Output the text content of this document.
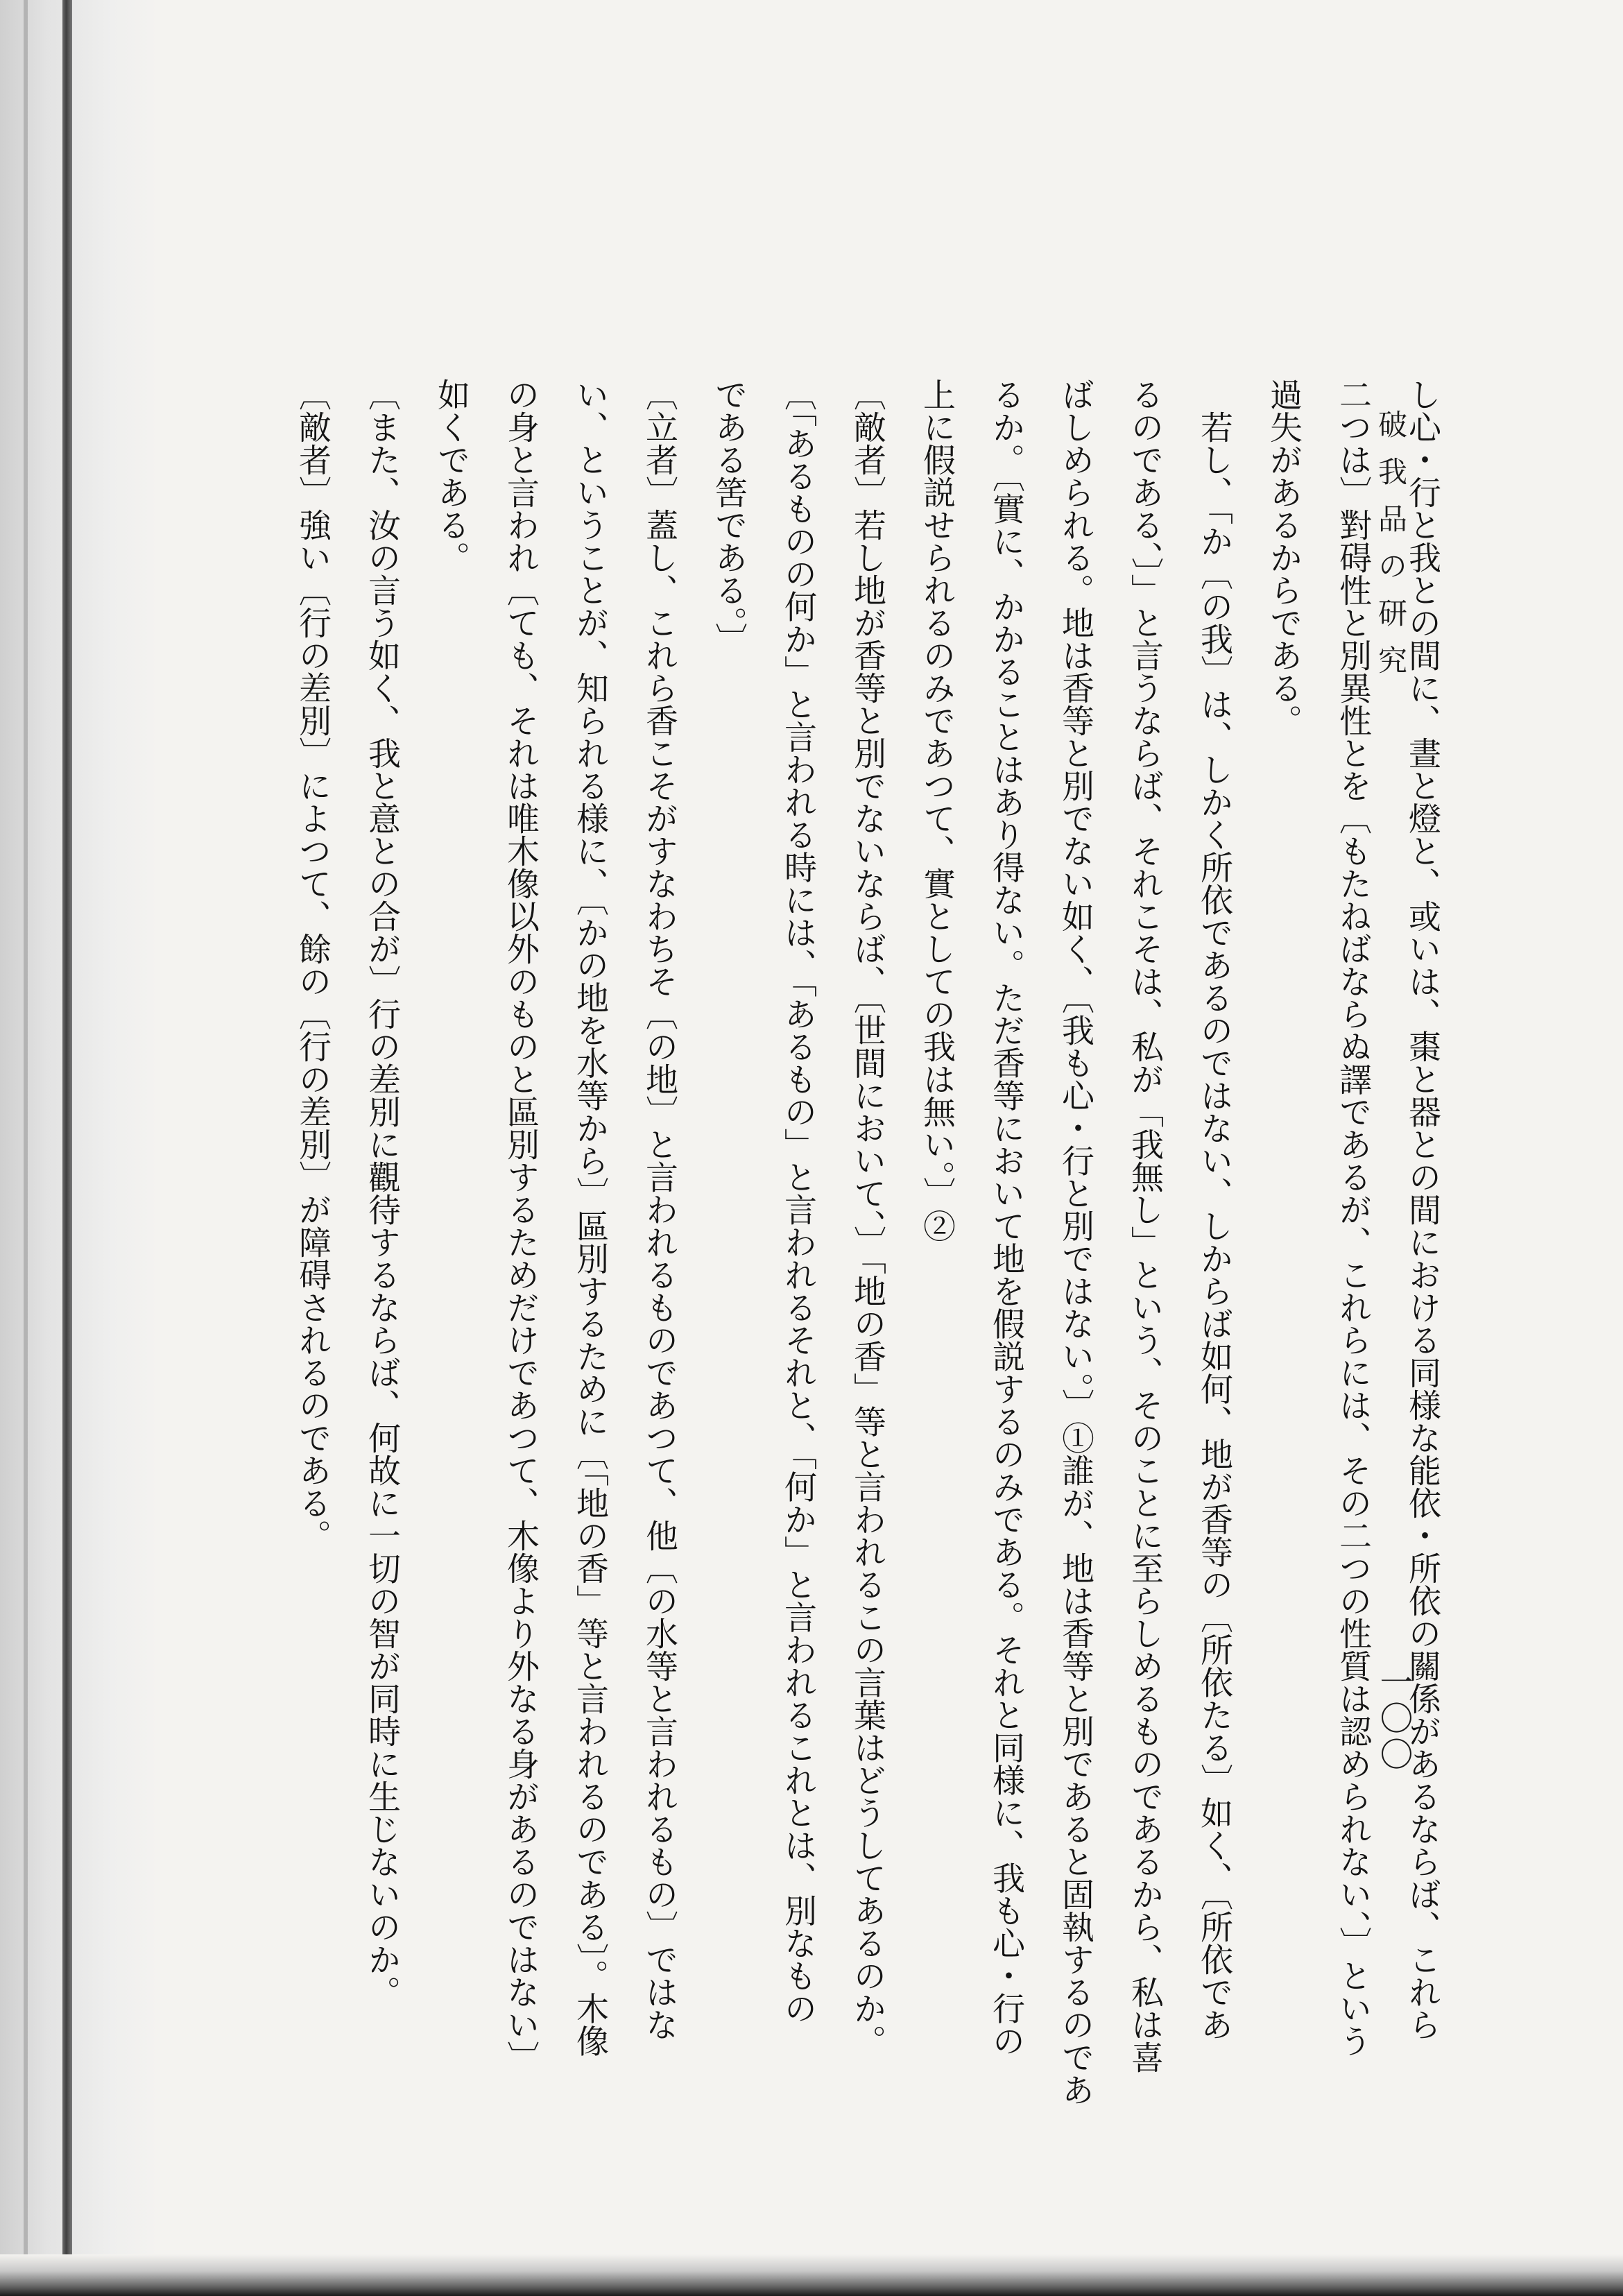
破我品の研究
一〇〇
し心・行と我との間に、晝と燈と、或いは、棗と器との間における同様な能依・所依の關係があるならば、これら
二つは〕對碍性と別異性とを〔もたねばならぬ譯であるが、これらには、その二つの性質は認められない、〕という
過失があるからである。
　若し、「か〔の我〕は、しかく所依であるのではない、しからば如何、地が香等の〔所依たる〕如く、〔所依であ
るのである、〕」と言うならば、それこそは、私が「我無し」という、そのことに至らしめるものであるから、私は喜
ばしめられる。地は香等と別でない如く、〔我も心・行と別ではない。〕①誰が、地は香等と別であると固執するのであ
るか。〔實に、かかることはあり得ない。ただ香等において地を假説するのみである。それと同様に、我も心・行の
上に假説せられるのみであつて、實としての我は無い。〕②
〔敵者〕若し地が香等と別でないならば、〔世間において、〕「地の香」等と言われるこの言葉はどうしてあるのか。
〔「あるものの何か」と言われる時には、「あるもの」と言われるそれと、「何か」と言われるこれとは、別なもの
である筈である。〕
〔立者〕蓋し、これら香こそがすなわちそ〔の地〕と言われるものであつて、他〔の水等と言われるもの〕ではな
い、ということが、知られる様に、〔かの地を水等から〕區別するために〔「地の香」等と言われるのである〕。木像
の身と言われ〔ても、それは唯木像以外のものと區別するためだけであつて、木像より外なる身があるのではない〕
如くである。
〔また、汝の言う如く、我と意との合が〕行の差別に觀待するならば、何故に一切の智が同時に生じないのか。
〔敵者〕強い〔行の差別〕によつて、餘の〔行の差別〕が障碍されるのである。
